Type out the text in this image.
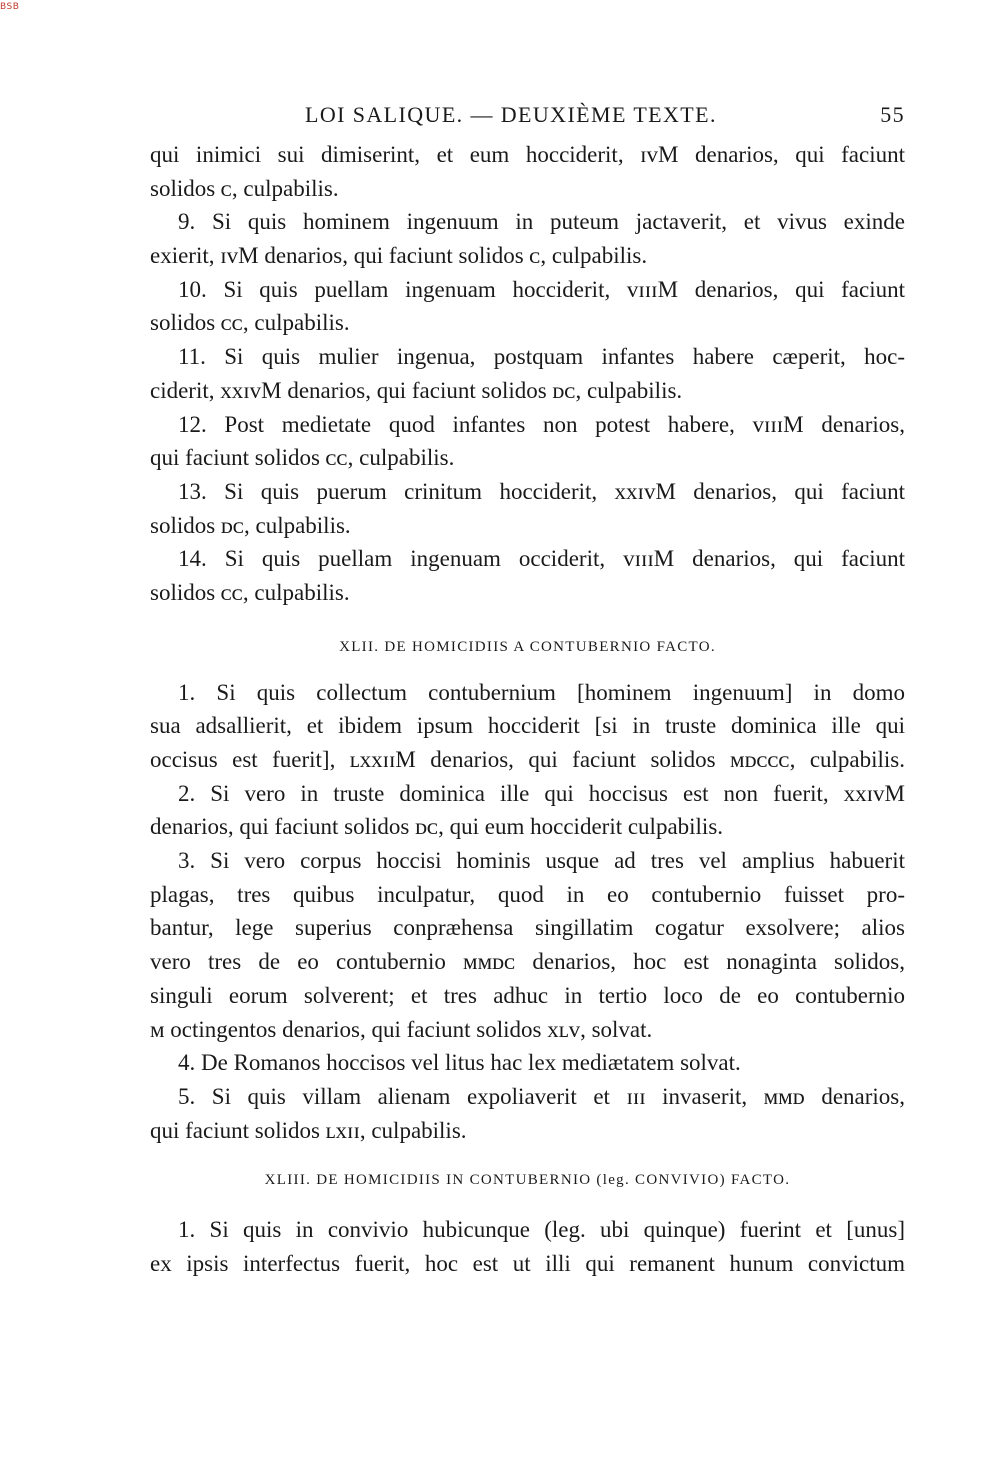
BSB
LOI SALIQUE. — DEUXIÈME TEXTE.	55
qui inimici sui dimiserint, et eum hocciderit, ɪᴠM denarios, qui faciunt
solidos ᴄ, culpabilis.
9. Si quis hominem ingenuum in puteum jactaverit, et vivus exinde
exierit, ɪᴠM denarios, qui faciunt solidos ᴄ, culpabilis.
10. Si quis puellam ingenuam hocciderit, ᴠɪɪɪM denarios, qui faciunt
solidos ᴄᴄ, culpabilis.
11. Si quis mulier ingenua, postquam infantes habere cæperit, hoc-
ciderit, xxɪᴠM denarios, qui faciunt solidos ᴅᴄ, culpabilis.
12. Post medietate quod infantes non potest habere, ᴠɪɪɪM denarios,
qui faciunt solidos ᴄᴄ, culpabilis.
13. Si quis puerum crinitum hocciderit, xxɪᴠM denarios, qui faciunt
solidos ᴅᴄ, culpabilis.
14. Si quis puellam ingenuam occiderit, ᴠɪɪɪM denarios, qui faciunt
solidos ᴄᴄ, culpabilis.
XLII. DE HOMICIDIIS A CONTUBERNIO FACTO.
1. Si quis collectum contubernium [hominem ingenuum] in domo
sua adsallierit, et ibidem ipsum hocciderit [si in truste dominica ille qui
occisus est fuerit], ʟxxɪɪM denarios, qui faciunt solidos ᴍᴅᴄᴄᴄ, culpabilis.
2. Si vero in truste dominica ille qui hoccisus est non fuerit, xxɪᴠM
denarios, qui faciunt solidos ᴅᴄ, qui eum hocciderit culpabilis.
3. Si vero corpus hoccisi hominis usque ad tres vel amplius habuerit
plagas, tres quibus inculpatur, quod in eo contubernio fuisset pro-
bantur, lege superius conpræhensa singillatim cogatur exsolvere; alios
vero tres de eo contubernio ᴍᴍᴅᴄ denarios, hoc est nonaginta solidos,
singuli eorum solverent; et tres adhuc in tertio loco de eo contubernio
ᴍ octingentos denarios, qui faciunt solidos xʟᴠ, solvat.
4. De Romanos hoccisos vel litus hac lex mediætatem solvat.
5. Si quis villam alienam expoliaverit et ɪɪɪ invaserit, ᴍᴍᴅ denarios,
qui faciunt solidos ʟxɪɪ, culpabilis.
XLIII. DE HOMICIDIIS IN CONTUBERNIO (leg. CONVIVIO) FACTO.
1. Si quis in convivio hubicunque (leg. ubi quinque) fuerint et [unus]
ex ipsis interfectus fuerit, hoc est ut illi qui remanent hunum convictum
